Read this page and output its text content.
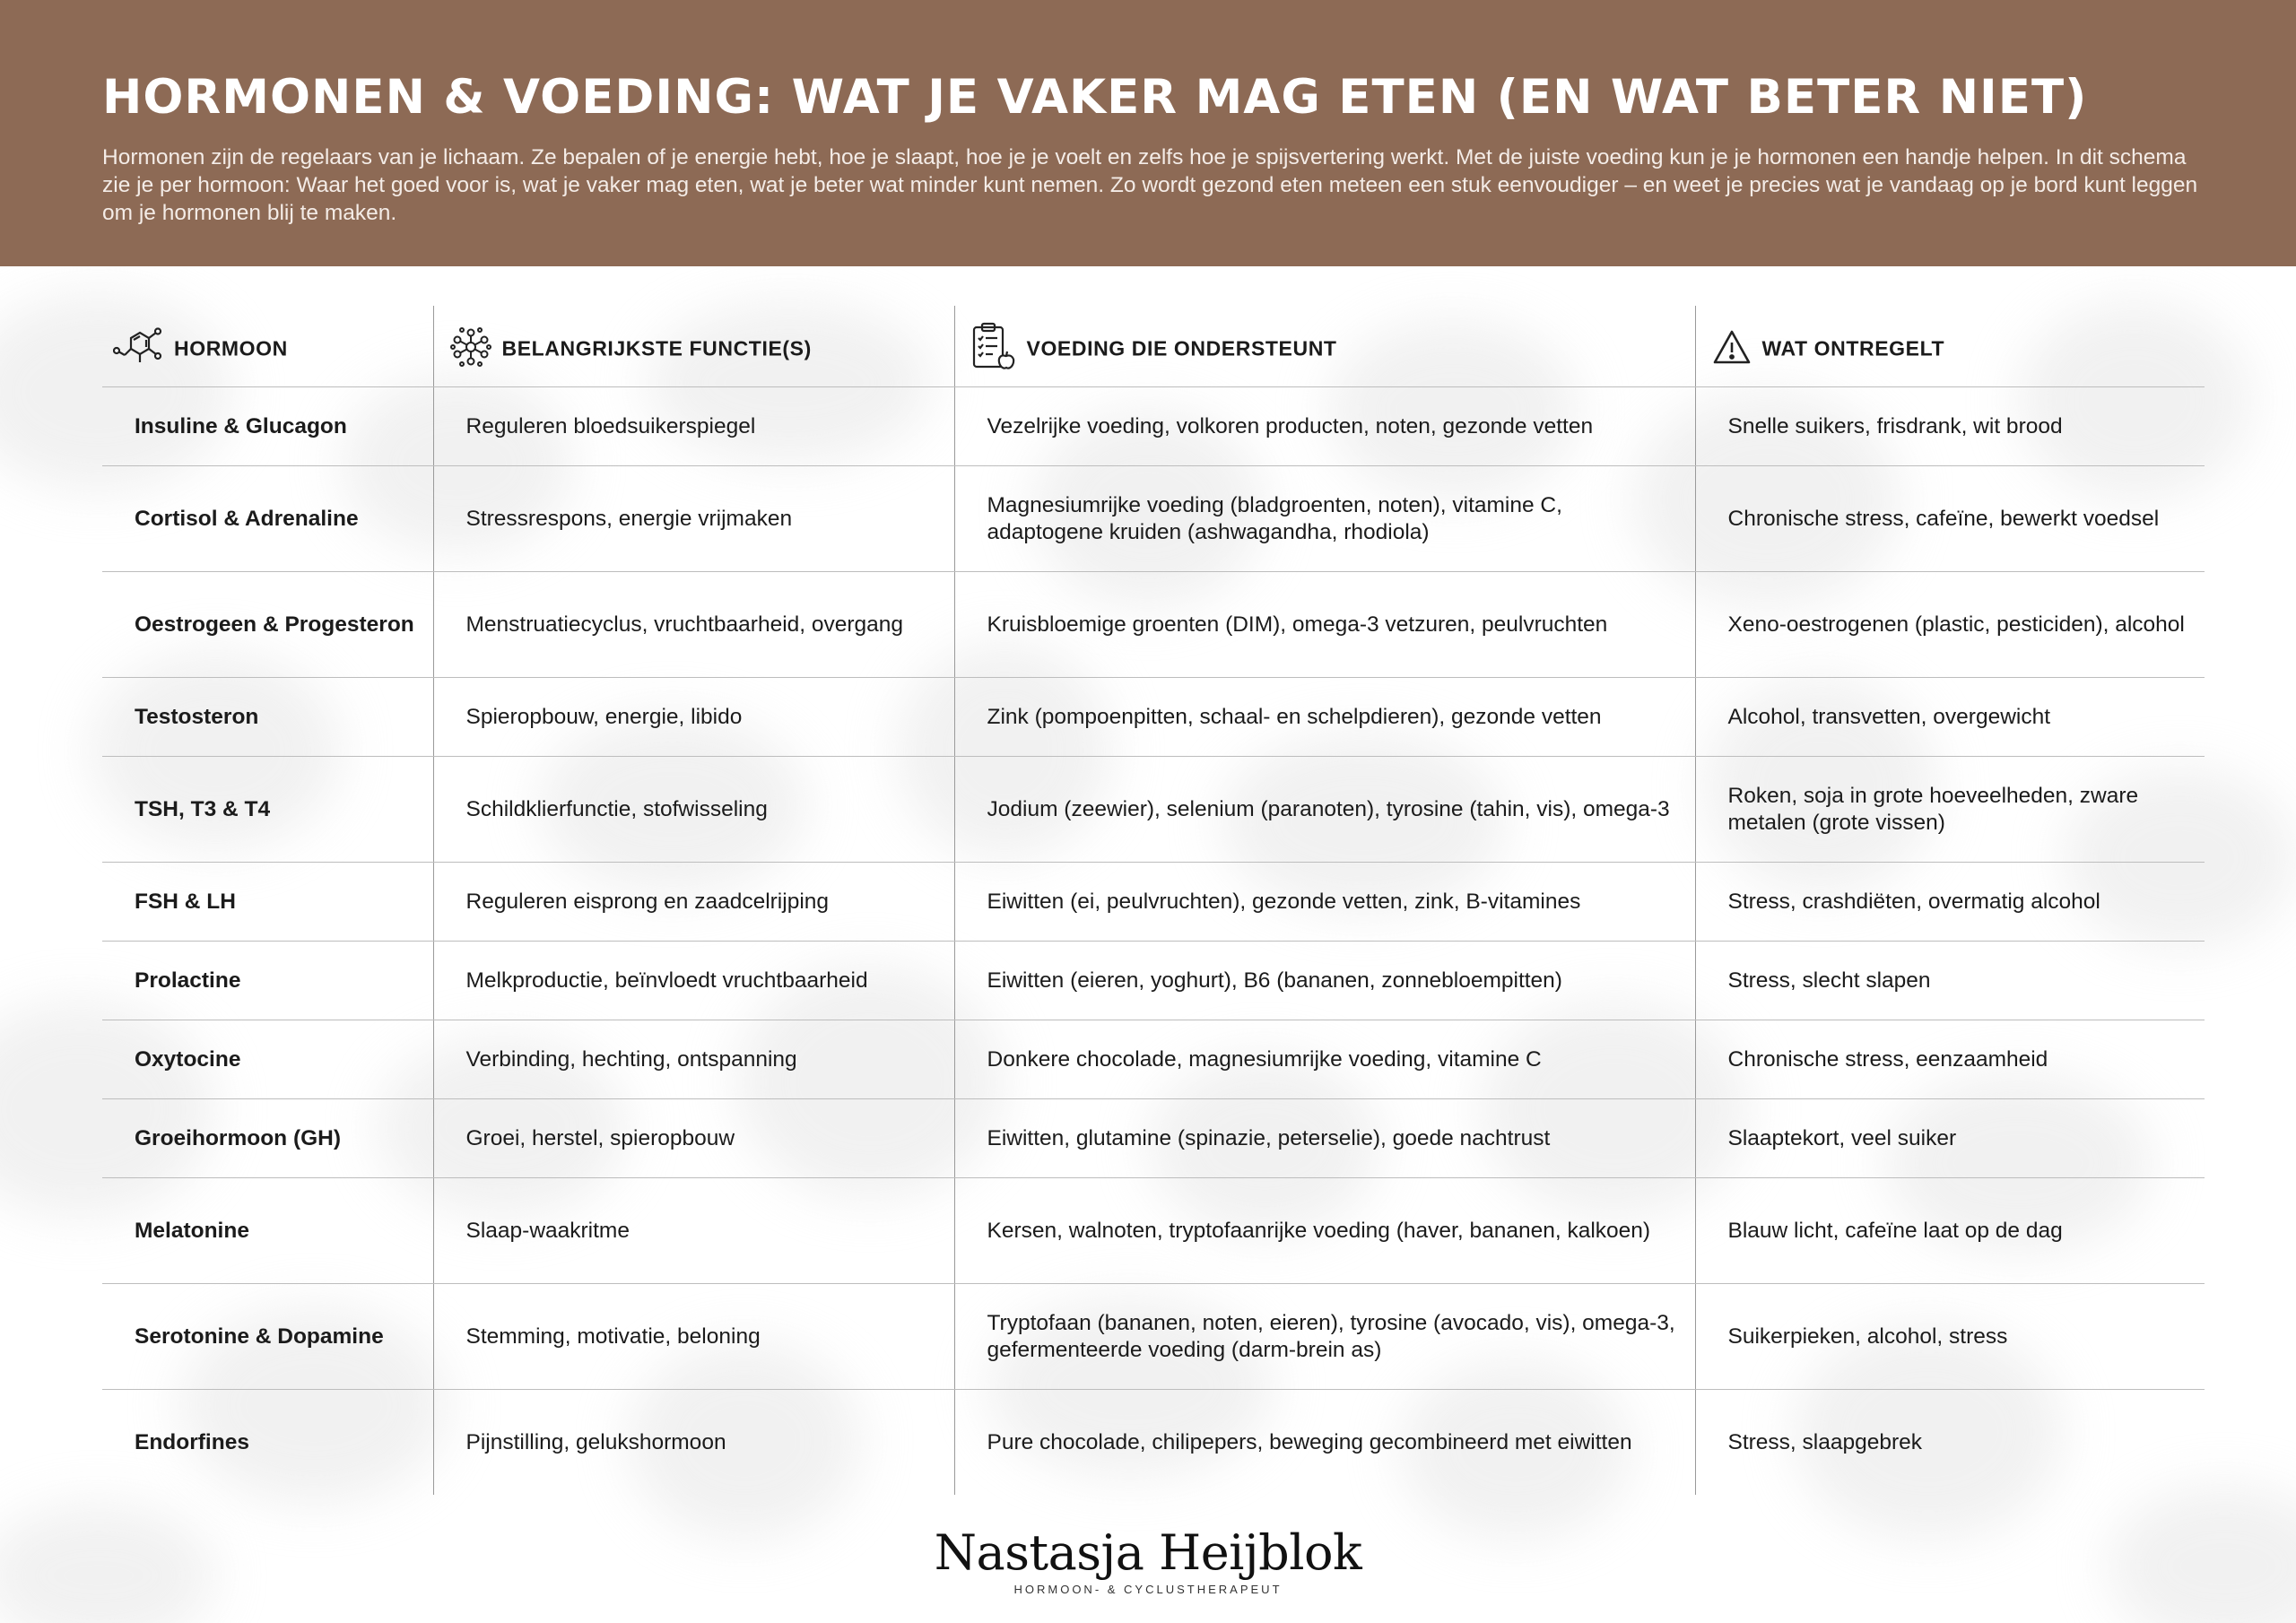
HORMONEN & VOEDING: WAT JE VAKER MAG ETEN (EN WAT BETER NIET)
Hormonen zijn de regelaars van je lichaam. Ze bepalen of je energie hebt, hoe je slaapt, hoe je je voelt en zelfs hoe je spijsvertering werkt. Met de juiste voeding kun je je hormonen een handje helpen. In dit schema zie je per hormoon: Waar het goed voor is, wat je vaker mag eten, wat je beter wat minder kunt nemen. Zo wordt gezond eten meteen een stuk eenvoudiger – en weet je precies wat je vandaag op je bord kunt leggen om je hormonen blij te maken.
HORMOON	BELANGRIJKSTE FUNCTIE(S)	VOEDING DIE ONDERSTEUNT	WAT ONTREGELT
Insuline & Glucagon	Reguleren bloedsuikerspiegel	Vezelrijke voeding, volkoren producten, noten, gezonde vetten	Snelle suikers, frisdrank, wit brood
Cortisol & Adrenaline	Stressrespons, energie vrijmaken	Magnesiumrijke voeding (bladgroenten, noten), vitamine C, adaptogene kruiden (ashwagandha, rhodiola)	Chronische stress, cafeïne, bewerkt voedsel
Oestrogeen & Progesteron	Menstruatiecyclus, vruchtbaarheid, overgang	Kruisbloemige groenten (DIM), omega-3 vetzuren, peulvruchten	Xeno-oestrogenen (plastic, pesticiden), alcohol
Testosteron	Spieropbouw, energie, libido	Zink (pompoenpitten, schaal- en schelpdieren), gezonde vetten	Alcohol, transvetten, overgewicht
TSH, T3 & T4	Schildklierfunctie, stofwisseling	Jodium (zeewier), selenium (paranoten), tyrosine (tahin, vis), omega-3	Roken, soja in grote hoeveelheden, zware metalen (grote vissen)
FSH & LH	Reguleren eisprong en zaadcelrijping	Eiwitten (ei, peulvruchten), gezonde vetten, zink, B-vitamines	Stress, crashdiëten, overmatig alcohol
Prolactine	Melkproductie, beïnvloedt vruchtbaarheid	Eiwitten (eieren, yoghurt), B6 (bananen, zonnebloempitten)	Stress, slecht slapen
Oxytocine	Verbinding, hechting, ontspanning	Donkere chocolade, magnesiumrijke voeding, vitamine C	Chronische stress, eenzaamheid
Groeihormoon (GH)	Groei, herstel, spieropbouw	Eiwitten, glutamine (spinazie, peterselie), goede nachtrust	Slaaptekort, veel suiker
Melatonine	Slaap-waakritme	Kersen, walnoten, tryptofaanrijke voeding (haver, bananen, kalkoen)	Blauw licht, cafeïne laat op de dag
Serotonine & Dopamine	Stemming, motivatie, beloning	Tryptofaan (bananen, noten, eieren), tyrosine (avocado, vis), omega-3, gefermenteerde voeding (darm-brein as)	Suikerpieken, alcohol, stress
Endorfines	Pijnstilling, gelukshormoon	Pure chocolade, chilipepers, beweging gecombineerd met eiwitten	Stress, slaapgebrek
Nastasja Heijblok
HORMOON- & CYCLUSTHERAPEUT
